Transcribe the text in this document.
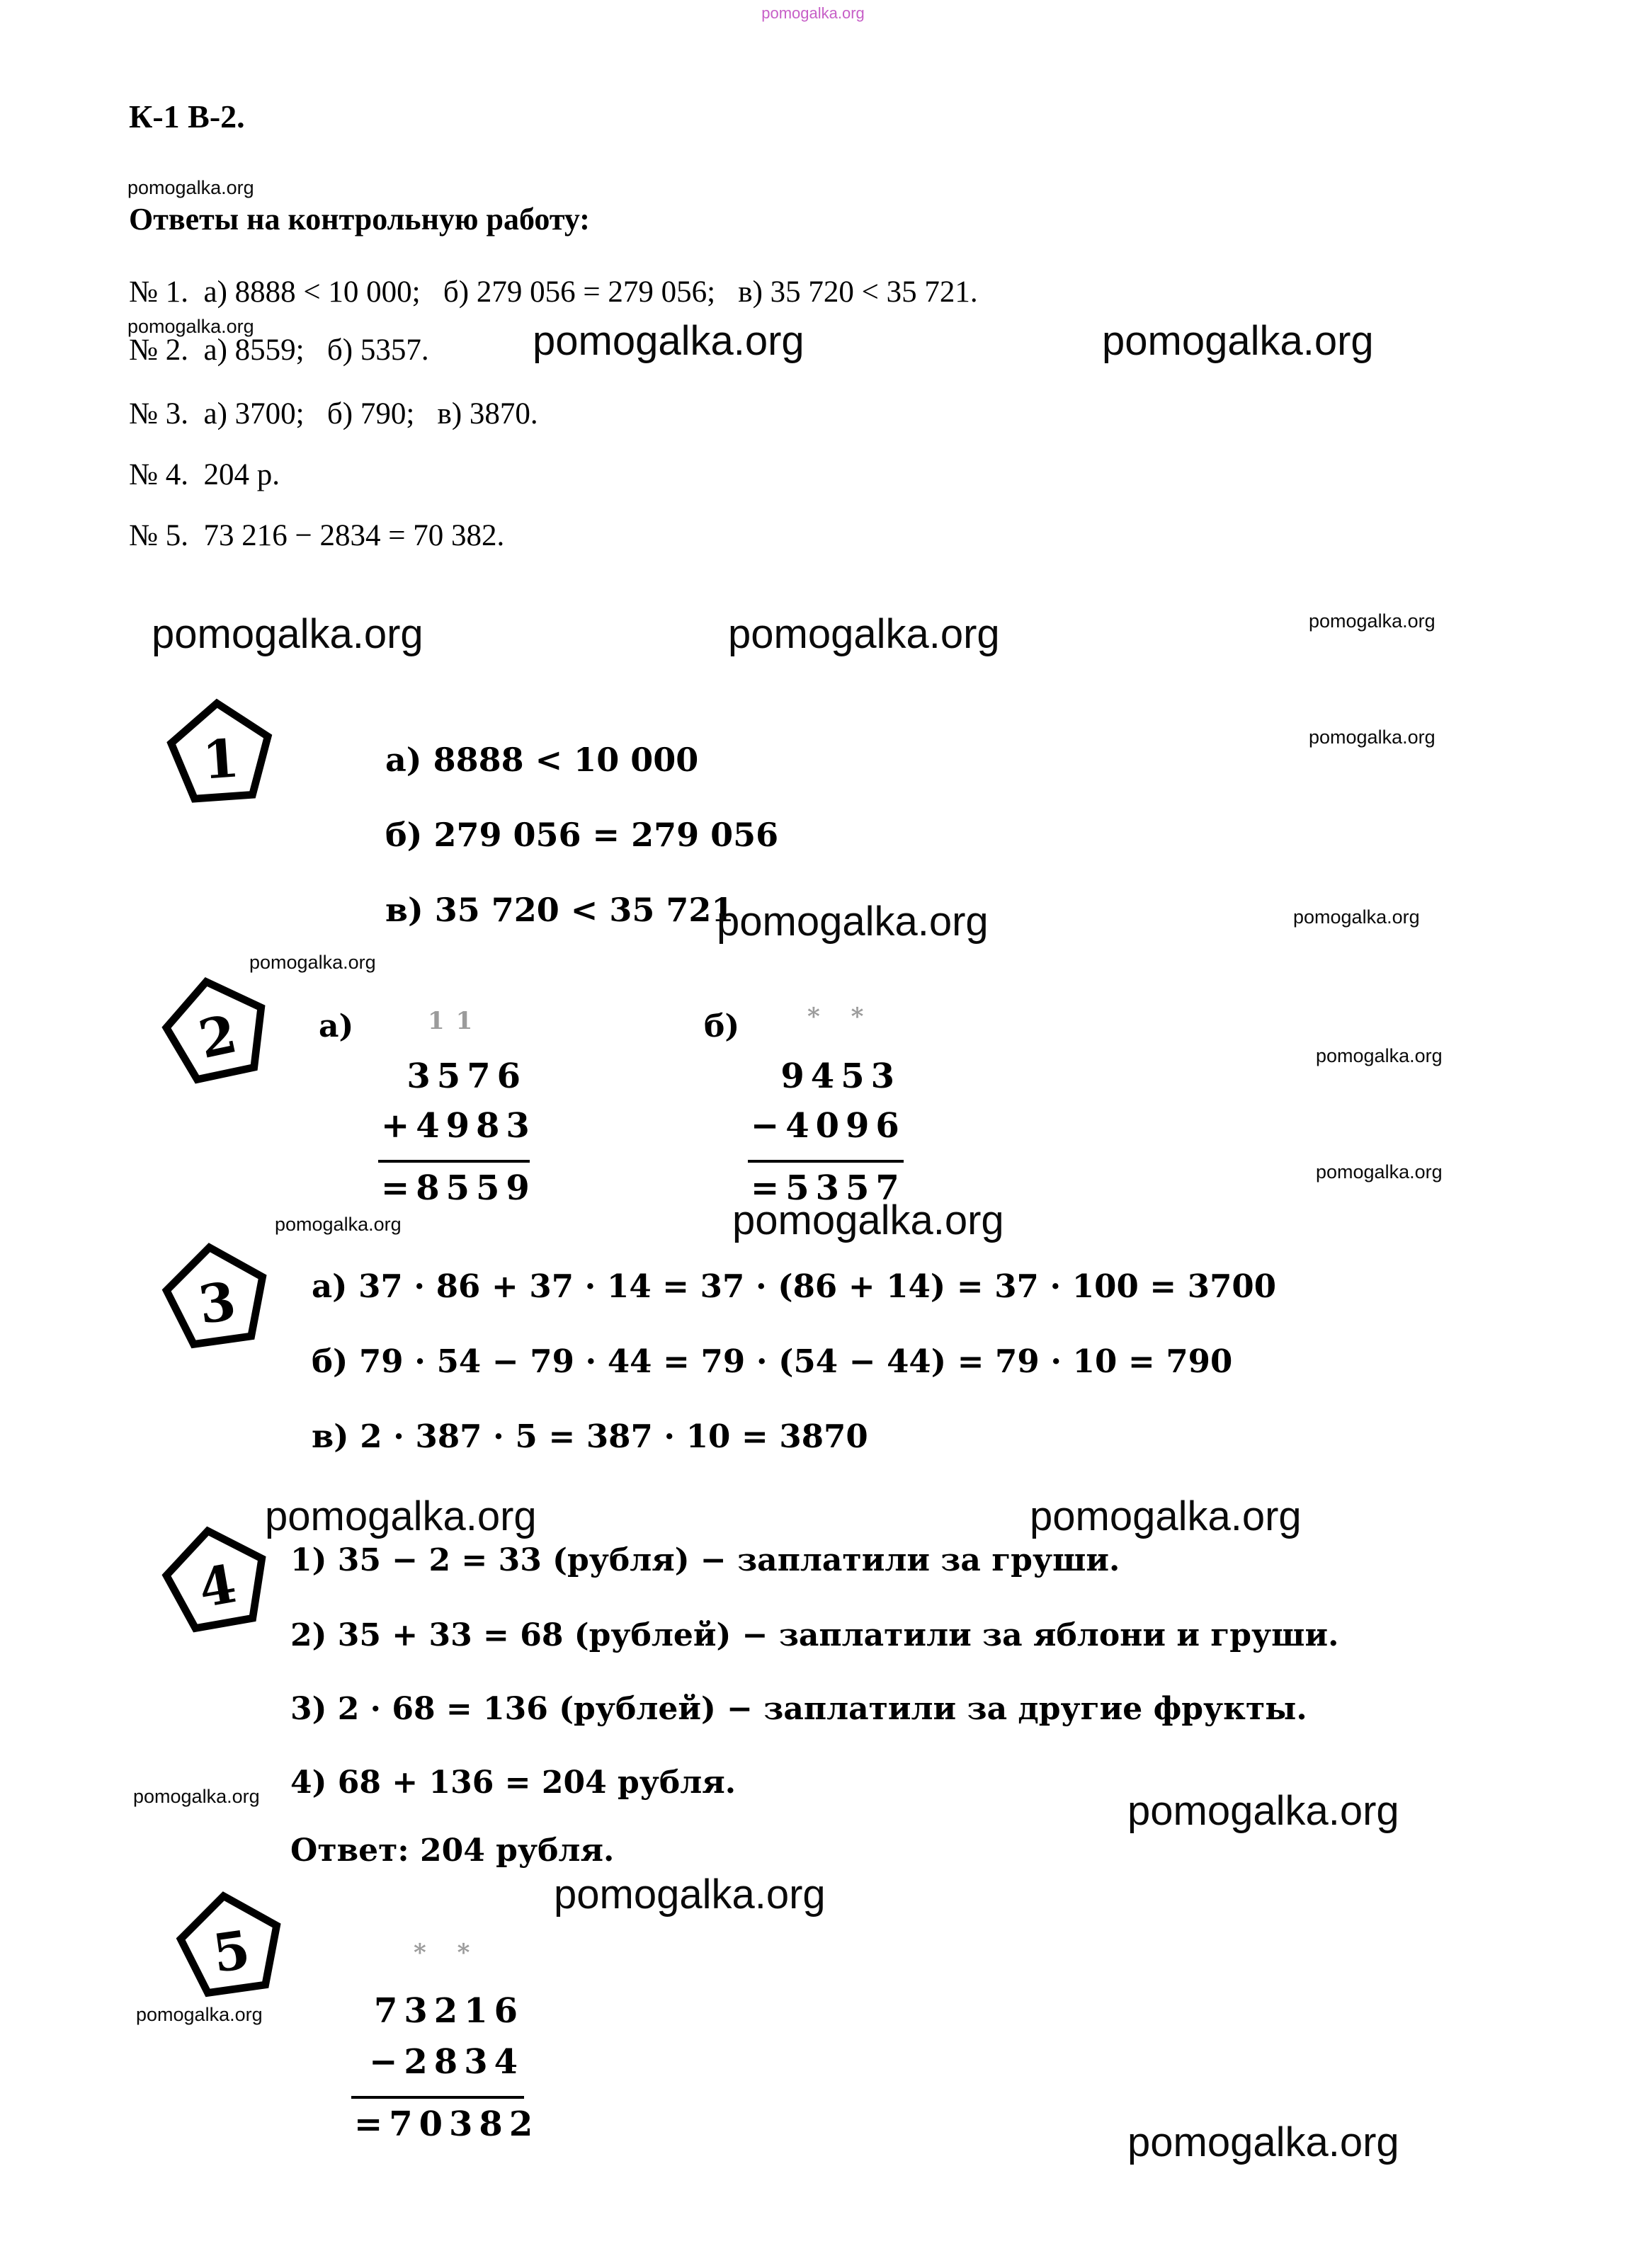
pomogalka.org
К-1 В-2.
pomogalka.org
Ответы на контрольную работу:
№ 1.  а) 8888 < 10 000;   б) 279 056 = 279 056;   в) 35 720 < 35 721.
pomogalka.org
№ 2.  а) 8559;   б) 5357.	pomogalka.org	pomogalka.org
№ 3.  а) 3700;   б) 790;   в) 3870.
№ 4.  204 р.
№ 5.  73 216 − 2834 = 70 382.
pomogalka.org	pomogalka.org	pomogalka.org
pomogalka.org
1	а) 8888 < 10 000
б) 279 056 = 279 056
в) 35 720 < 35 721
pomogalka.org	pomogalka.org
pomogalka.org
2	а)	11	б)	* *
3576
+4983
=8559
9453
−4096
=5357
pomogalka.org
pomogalka.org
pomogalka.org	pomogalka.org
3	а) 37 · 86 + 37 · 14 = 37 · (86 + 14) = 37 · 100 = 3700
б) 79 · 54 − 79 · 44 = 79 · (54 − 44) = 79 · 10 = 790
в) 2 · 387 · 5 = 387 · 10 = 3870
pomogalka.org	pomogalka.org
4	1) 35 − 2 = 33 (рубля) − заплатили за груши.
2) 35 + 33 = 68 (рублей) − заплатили за яблони и груши.
3) 2 · 68 = 136 (рублей) − заплатили за другие фрукты.
4) 68 + 136 = 204 рубля.
pomogalka.org	pomogalka.org
Ответ: 204 рубля.
pomogalka.org
5	* *
73216
pomogalka.org
−2834
=70382	pomogalka.org
